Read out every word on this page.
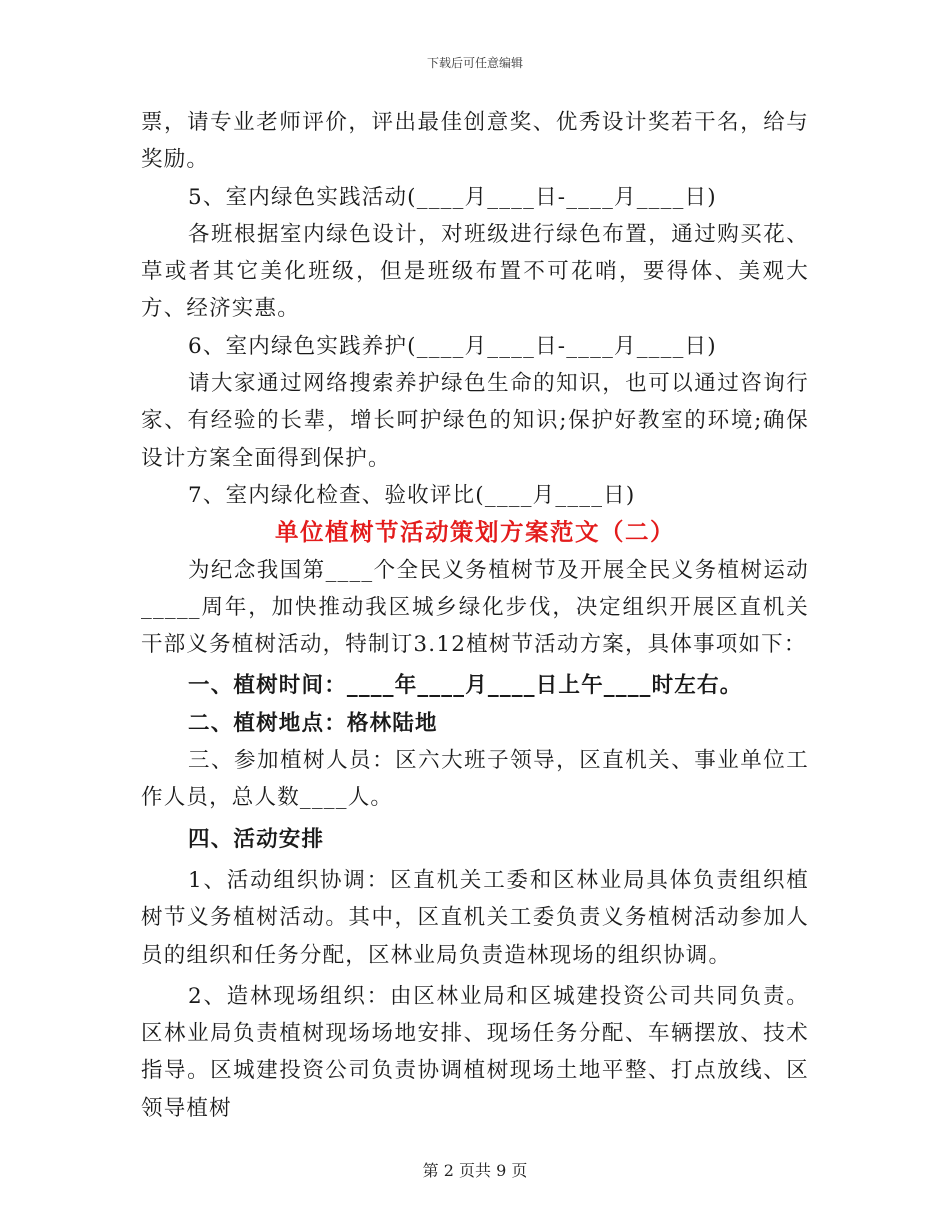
下载后可任意编辑

票，请专业老师评价，评出最佳创意奖、优秀设计奖若干名，给与奖励。

5、室内绿色实践活动(____月____日-____月____日)

各班根据室内绿色设计，对班级进行绿色布置，通过购买花、草或者其它美化班级，但是班级布置不可花哨，要得体、美观大方、经济实惠。

6、室内绿色实践养护(____月____日-____月____日)

请大家通过网络搜索养护绿色生命的知识，也可以通过咨询行家、有经验的长辈，增长呵护绿色的知识;保护好教室的环境;确保设计方案全面得到保护。

7、室内绿化检查、验收评比(____月____日)

单位植树节活动策划方案范文（二）

为纪念我国第____个全民义务植树节及开展全民义务植树运动_____周年，加快推动我区城乡绿化步伐，决定组织开展区直机关干部义务植树活动，特制订3.12植树节活动方案，具体事项如下：

一、植树时间：____年____月____日上午____时左右。

二、植树地点：格林陆地

三、参加植树人员：区六大班子领导，区直机关、事业单位工作人员，总人数____人。

四、活动安排

1、活动组织协调：区直机关工委和区林业局具体负责组织植树节义务植树活动。其中，区直机关工委负责义务植树活动参加人员的组织和任务分配，区林业局负责造林现场的组织协调。

2、造林现场组织：由区林业局和区城建投资公司共同负责。区林业局负责植树现场场地安排、现场任务分配、车辆摆放、技术指导。区城建投资公司负责协调植树现场土地平整、打点放线、区领导植树

第 2 页共 9 页
